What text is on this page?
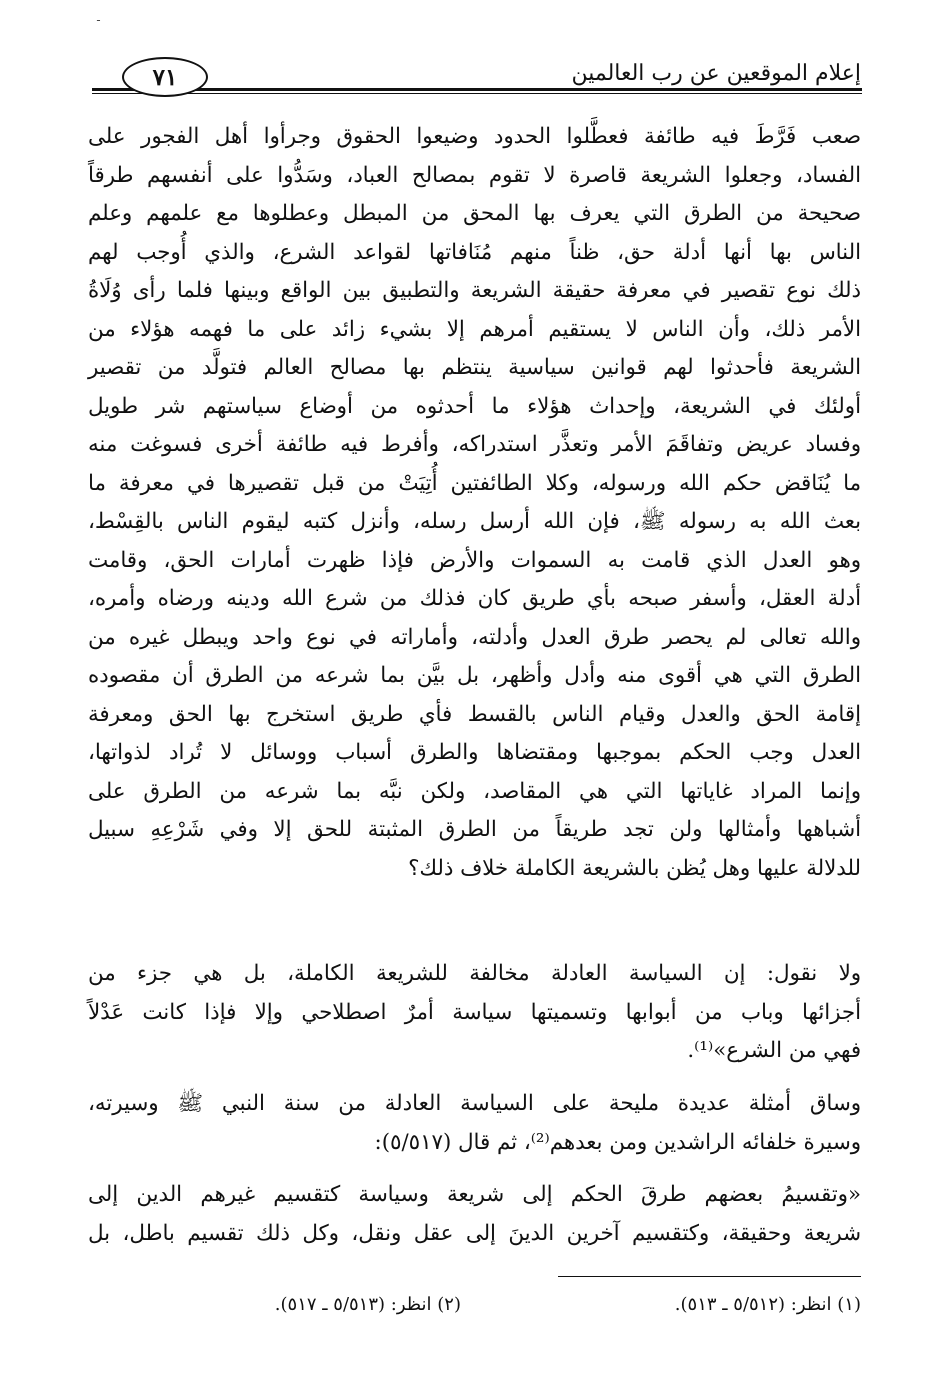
ـ
إعلام الموقعين عن رب العالمين
٧١
صعب فَرَّطَ فيه طائفة فعطَّلوا الحدود وضيعوا الحقوق وجرأوا أهل الفجور على
الفساد، وجعلوا الشريعة قاصرة لا تقوم بمصالح العباد، وسَدُّوا على أنفسهم طرقاً
صحيحة من الطرق التي يعرف بها المحق من المبطل وعطلوها مع علمهم وعلم
الناس بها أنها أدلة حق، ظناً منهم مُنَافاتها لقواعد الشرع، والذي أُوجب لهم
ذلك نوع تقصير في معرفة حقيقة الشريعة والتطبيق بين الواقع وبينها فلما رأى وُلَاةُ
الأمر ذلك، وأن الناس لا يستقيم أمرهم إلا بشيء زائد على ما فهمه هؤلاء من
الشريعة فأحدثوا لهم قوانين سياسية ينتظم بها مصالح العالم فتولَّد من تقصير
أولئك في الشريعة، وإحداث هؤلاء ما أحدثوه من أوضاع سياستهم شر طويل
وفساد عريض وتفاقَمَ الأمر وتعذَّر استدراكه، وأفرط فيه طائفة أخرى فسوغت منه
ما يُنَاقض حكم الله ورسوله، وكلا الطائفتين أُتِيَتْ من قبل تقصيرها في معرفة ما
بعث الله به رسوله ﷺ، فإن الله أرسل رسله، وأنزل كتبه ليقوم الناس بالقِسْط،
وهو العدل الذي قامت به السموات والأرض فإذا ظهرت أمارات الحق، وقامت
أدلة العقل، وأسفر صبحه بأي طريق كان فذلك من شرع الله ودينه ورضاه وأمره،
والله تعالى لم يحصر طرق العدل وأدلته، وأماراته في نوع واحد ويبطل غيره من
الطرق التي هي أقوى منه وأدل وأظهر، بل بيَّن بما شرعه من الطرق أن مقصوده
إقامة الحق والعدل وقيام الناس بالقسط فأي طريق استخرج بها الحق ومعرفة
العدل وجب الحكم بموجبها ومقتضاها والطرق أسباب ووسائل لا تُراد لذواتها،
وإنما المراد غاياتها التي هي المقاصد، ولكن نبَّه بما شرعه من الطرق على
أشباهها وأمثالها ولن تجد طريقاً من الطرق المثبتة للحق إلا وفي شَرْعِهِ سبيل
للدلالة عليها وهل يُظن بالشريعة الكاملة خلاف ذلك؟
ولا نقول: إن السياسة العادلة مخالفة للشريعة الكاملة، بل هي جزء من
أجزائها وباب من أبوابها وتسميتها سياسة أمرٌ اصطلاحي وإلا فإذا كانت عَدْلاً
فهي من الشرع»⁽¹⁾.
وساق أمثلة عديدة مليحة على السياسة العادلة من سنة النبي ﷺ وسيرته،
وسيرة خلفائه الراشدين ومن بعدهم⁽²⁾، ثم قال (٥/٥١٧):
«وتقسيمُ بعضهم طرقَ الحكم إلى شريعة وسياسة كتقسيم غيرهم الدين إلى
شريعة وحقيقة، وكتقسيم آخرين الدينَ إلى عقل ونقل، وكل ذلك تقسيم باطل، بل
(١) انظر: (٥/٥١٢ ـ ٥١٣).
(٢) انظر: (٥/٥١٣ ـ ٥١٧).
